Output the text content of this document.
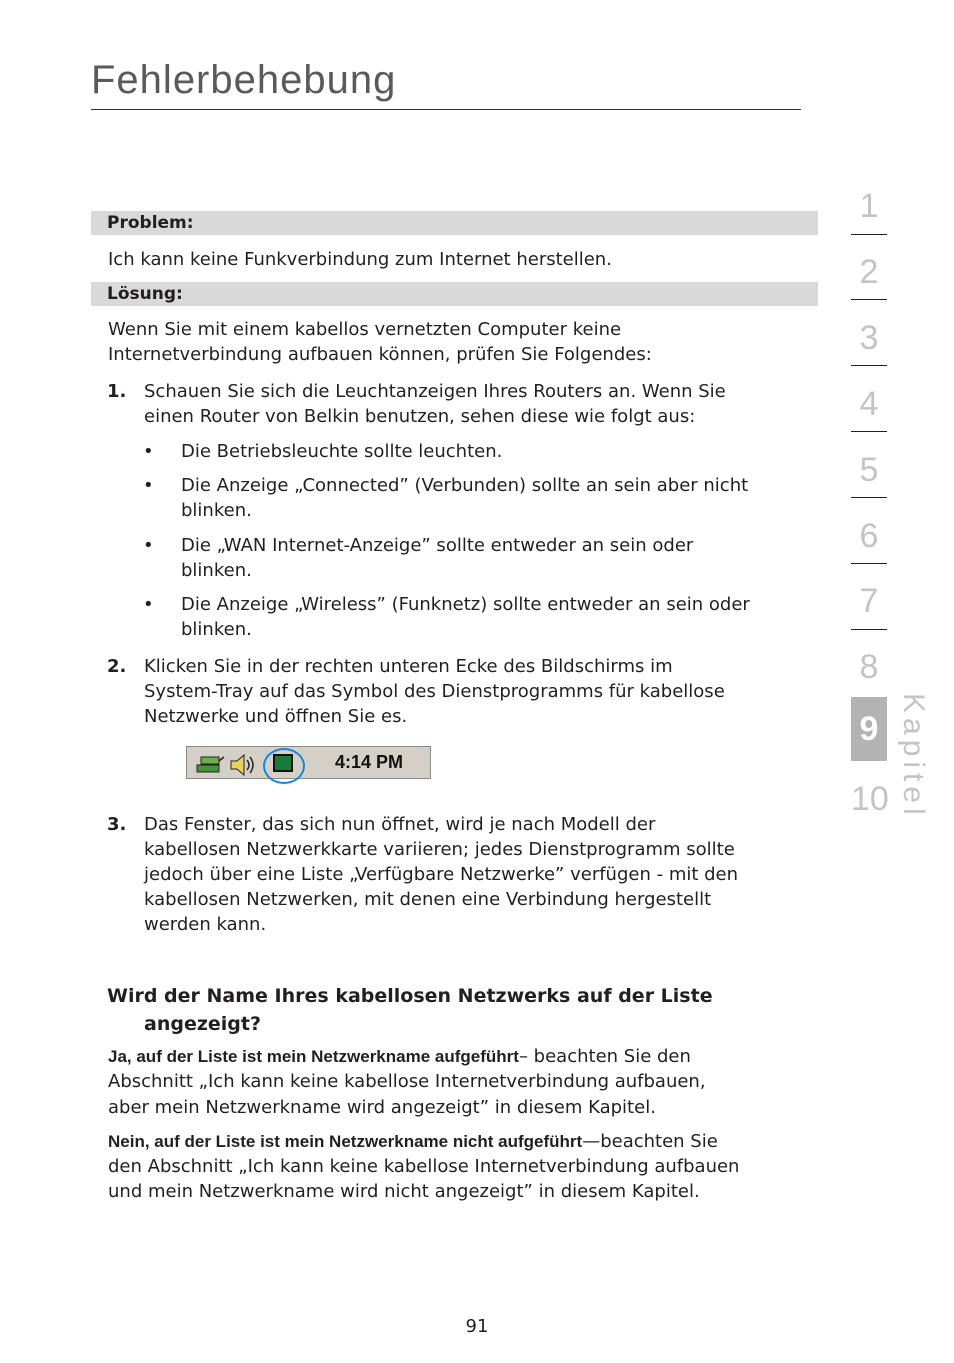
Fehlerbehebung
Problem:

Ich kann keine Funkverbindung zum Internet herstellen.

Lösung:

Wenn Sie mit einem kabellos vernetzten Computer keine

Internetverbindung aufbauen können, prüfen Sie Folgendes:

1. Schauen Sie sich die Leuchtanzeigen Ihres Routers an. Wenn Sie

einen Router von Belkin benutzen, sehen diese wie folgt aus:

• Die Betriebsleuchte sollte leuchten.

• Die Anzeige „Connected” (Verbunden) sollte an sein aber nicht

blinken.

• Die „WAN Internet-Anzeige” sollte entweder an sein oder

blinken.

• Die Anzeige „Wireless” (Funknetz) sollte entweder an sein oder

blinken.

2. Klicken Sie in der rechten unteren Ecke des Bildschirms im

System-Tray auf das Symbol des Dienstprogramms für kabellose

Netzwerke und öffnen Sie es.

4:14 PM
3. Das Fenster, das sich nun öffnet, wird je nach Modell der

kabellosen Netzwerkkarte variieren; jedes Dienstprogramm sollte

jedoch über eine Liste „Verfügbare Netzwerke” verfügen - mit den

kabellosen Netzwerken, mit denen eine Verbindung hergestellt

werden kann.

Wird der Name Ihres kabellosen Netzwerks auf der Liste
angezeigt?

Ja, auf der Liste ist mein Netzwerkname aufgeführt– beachten Sie den

Abschnitt „Ich kann keine kabellose Internetverbindung aufbauen,

aber mein Netzwerkname wird angezeigt” in diesem Kapitel.

Nein, auf der Liste ist mein Netzwerkname nicht aufgeführt—beachten Sie

den Abschnitt „Ich kann keine kabellose Internetverbindung aufbauen

und mein Netzwerkname wird nicht angezeigt” in diesem Kapitel.

91
1
2
3
4
5
6
7
8
9
10 Kapitel
